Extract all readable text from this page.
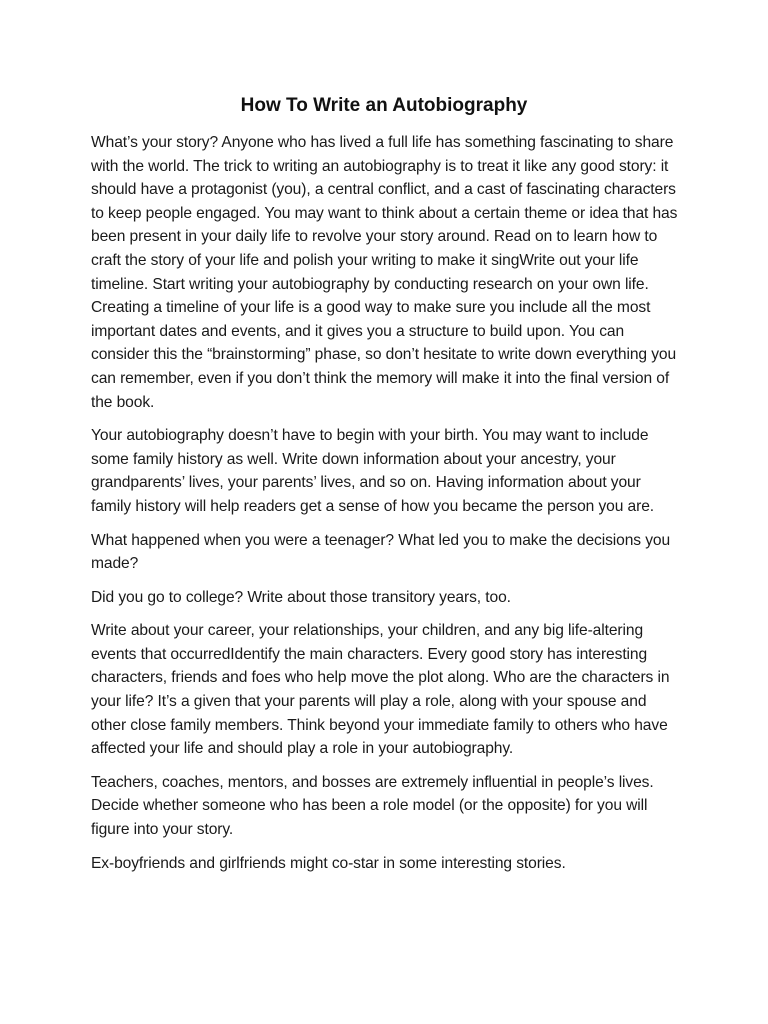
How To Write an Autobiography

What’s your story? Anyone who has lived a full life has something fascinating to share with the world. The trick to writing an autobiography is to treat it like any good story: it should have a protagonist (you), a central conflict, and a cast of fascinating characters to keep people engaged. You may want to think about a certain theme or idea that has been present in your daily life to revolve your story around. Read on to learn how to craft the story of your life and polish your writing to make it singWrite out your life timeline. Start writing your autobiography by conducting research on your own life. Creating a timeline of your life is a good way to make sure you include all the most important dates and events, and it gives you a structure to build upon. You can consider this the “brainstorming” phase, so don’t hesitate to write down everything you can remember, even if you don’t think the memory will make it into the final version of the book.

Your autobiography doesn’t have to begin with your birth. You may want to include some family history as well. Write down information about your ancestry, your grandparents’ lives, your parents’ lives, and so on. Having information about your family history will help readers get a sense of how you became the person you are.

What happened when you were a teenager? What led you to make the decisions you made?

Did you go to college? Write about those transitory years, too.

Write about your career, your relationships, your children, and any big life-altering events that occurredIdentify the main characters. Every good story has interesting characters, friends and foes who help move the plot along. Who are the characters in your life? It’s a given that your parents will play a role, along with your spouse and other close family members. Think beyond your immediate family to others who have affected your life and should play a role in your autobiography.

Teachers, coaches, mentors, and bosses are extremely influential in people’s lives. Decide whether someone who has been a role model (or the opposite) for you will figure into your story.

Ex-boyfriends and girlfriends might co-star in some interesting stories.
